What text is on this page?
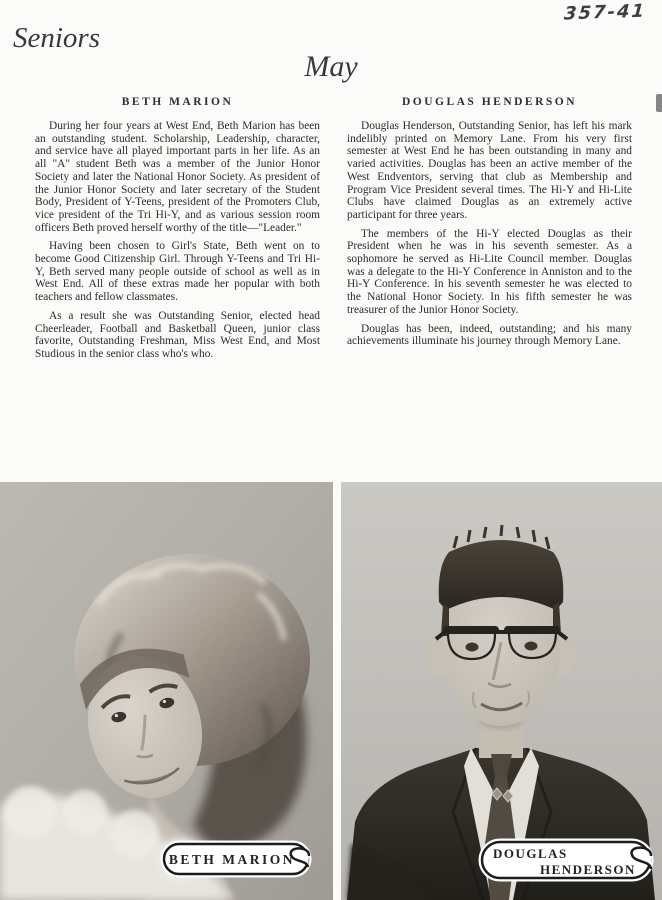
357-41
Seniors
May
BETH MARION

During her four years at West End, Beth Marion has been an outstanding student. Scholarship, Leadership, character, and service have all played important parts in her life. As an all "A" student Beth was a member of the Junior Honor Society and later the National Honor Society. As president of the Junior Honor Society and later secretary of the Student Body, President of Y-Teens, president of the Promoters Club, vice president of the Tri Hi-Y, and as various session room officers Beth proved herself worthy of the title—"Leader."

Having been chosen to Girl's State, Beth went on to become Good Citizenship Girl. Through Y-Teens and Tri Hi-Y, Beth served many people outside of school as well as in West End. All of these extras made her popular with both teachers and fellow classmates.

As a result she was Outstanding Senior, elected head Cheerleader, Football and Basketball Queen, junior class favorite, Outstanding Freshman, Miss West End, and Most Studious in the senior class who's who.

DOUGLAS HENDERSON

Douglas Henderson, Outstanding Senior, has left his mark indelibly printed on Memory Lane. From his very first semester at West End he has been outstanding in many and varied activities. Douglas has been an active member of the West Endventors, serving that club as Membership and Program Vice President several times. The Hi-Y and Hi-Lite Clubs have claimed Douglas as an extremely active participant for three years.

The members of the Hi-Y elected Douglas as their President when he was in his seventh semester. As a sophomore he served as Hi-Lite Council member. Douglas was a delegate to the Hi-Y Conference in Anniston and to the Hi-Y Conference. In his seventh semester he was elected to the National Honor Society. In his fifth semester he was treasurer of the Junior Honor Society.

Douglas has been, indeed, outstanding; and his many achievements illuminate his journey through Memory Lane.

BETH MARION	DOUGLAS
HENDERSON
